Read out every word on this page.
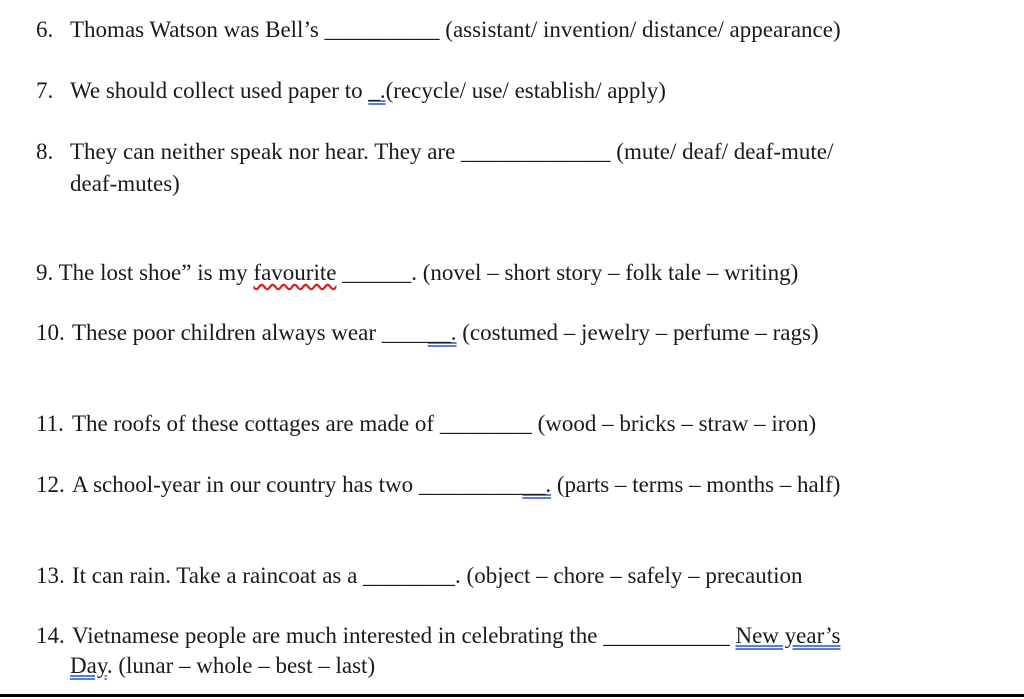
6. Thomas Watson was Bell’s __________ (assistant/ invention/ distance/ appearance)
7. We should collect used paper to _.(recycle/ use/ establish/ apply)
8. They can neither speak nor hear. They are _____________ (mute/ deaf/ deaf-mute/
deaf-mutes)
9. The lost shoe” is my favourite ______. (novel – short story – folk tale – writing)
10. These poor children always wear ______. (costumed – jewelry – perfume – rags)
11. The roofs of these cottages are made of ________ (wood – bricks – straw – iron)
12. A school-year in our country has two ___________. (parts – terms – months – half)
13. It can rain. Take a raincoat as a ________. (object – chore – safely – precaution
14. Vietnamese people are much interested in celebrating the ___________ New year’s
Day. (lunar – whole – best – last)
